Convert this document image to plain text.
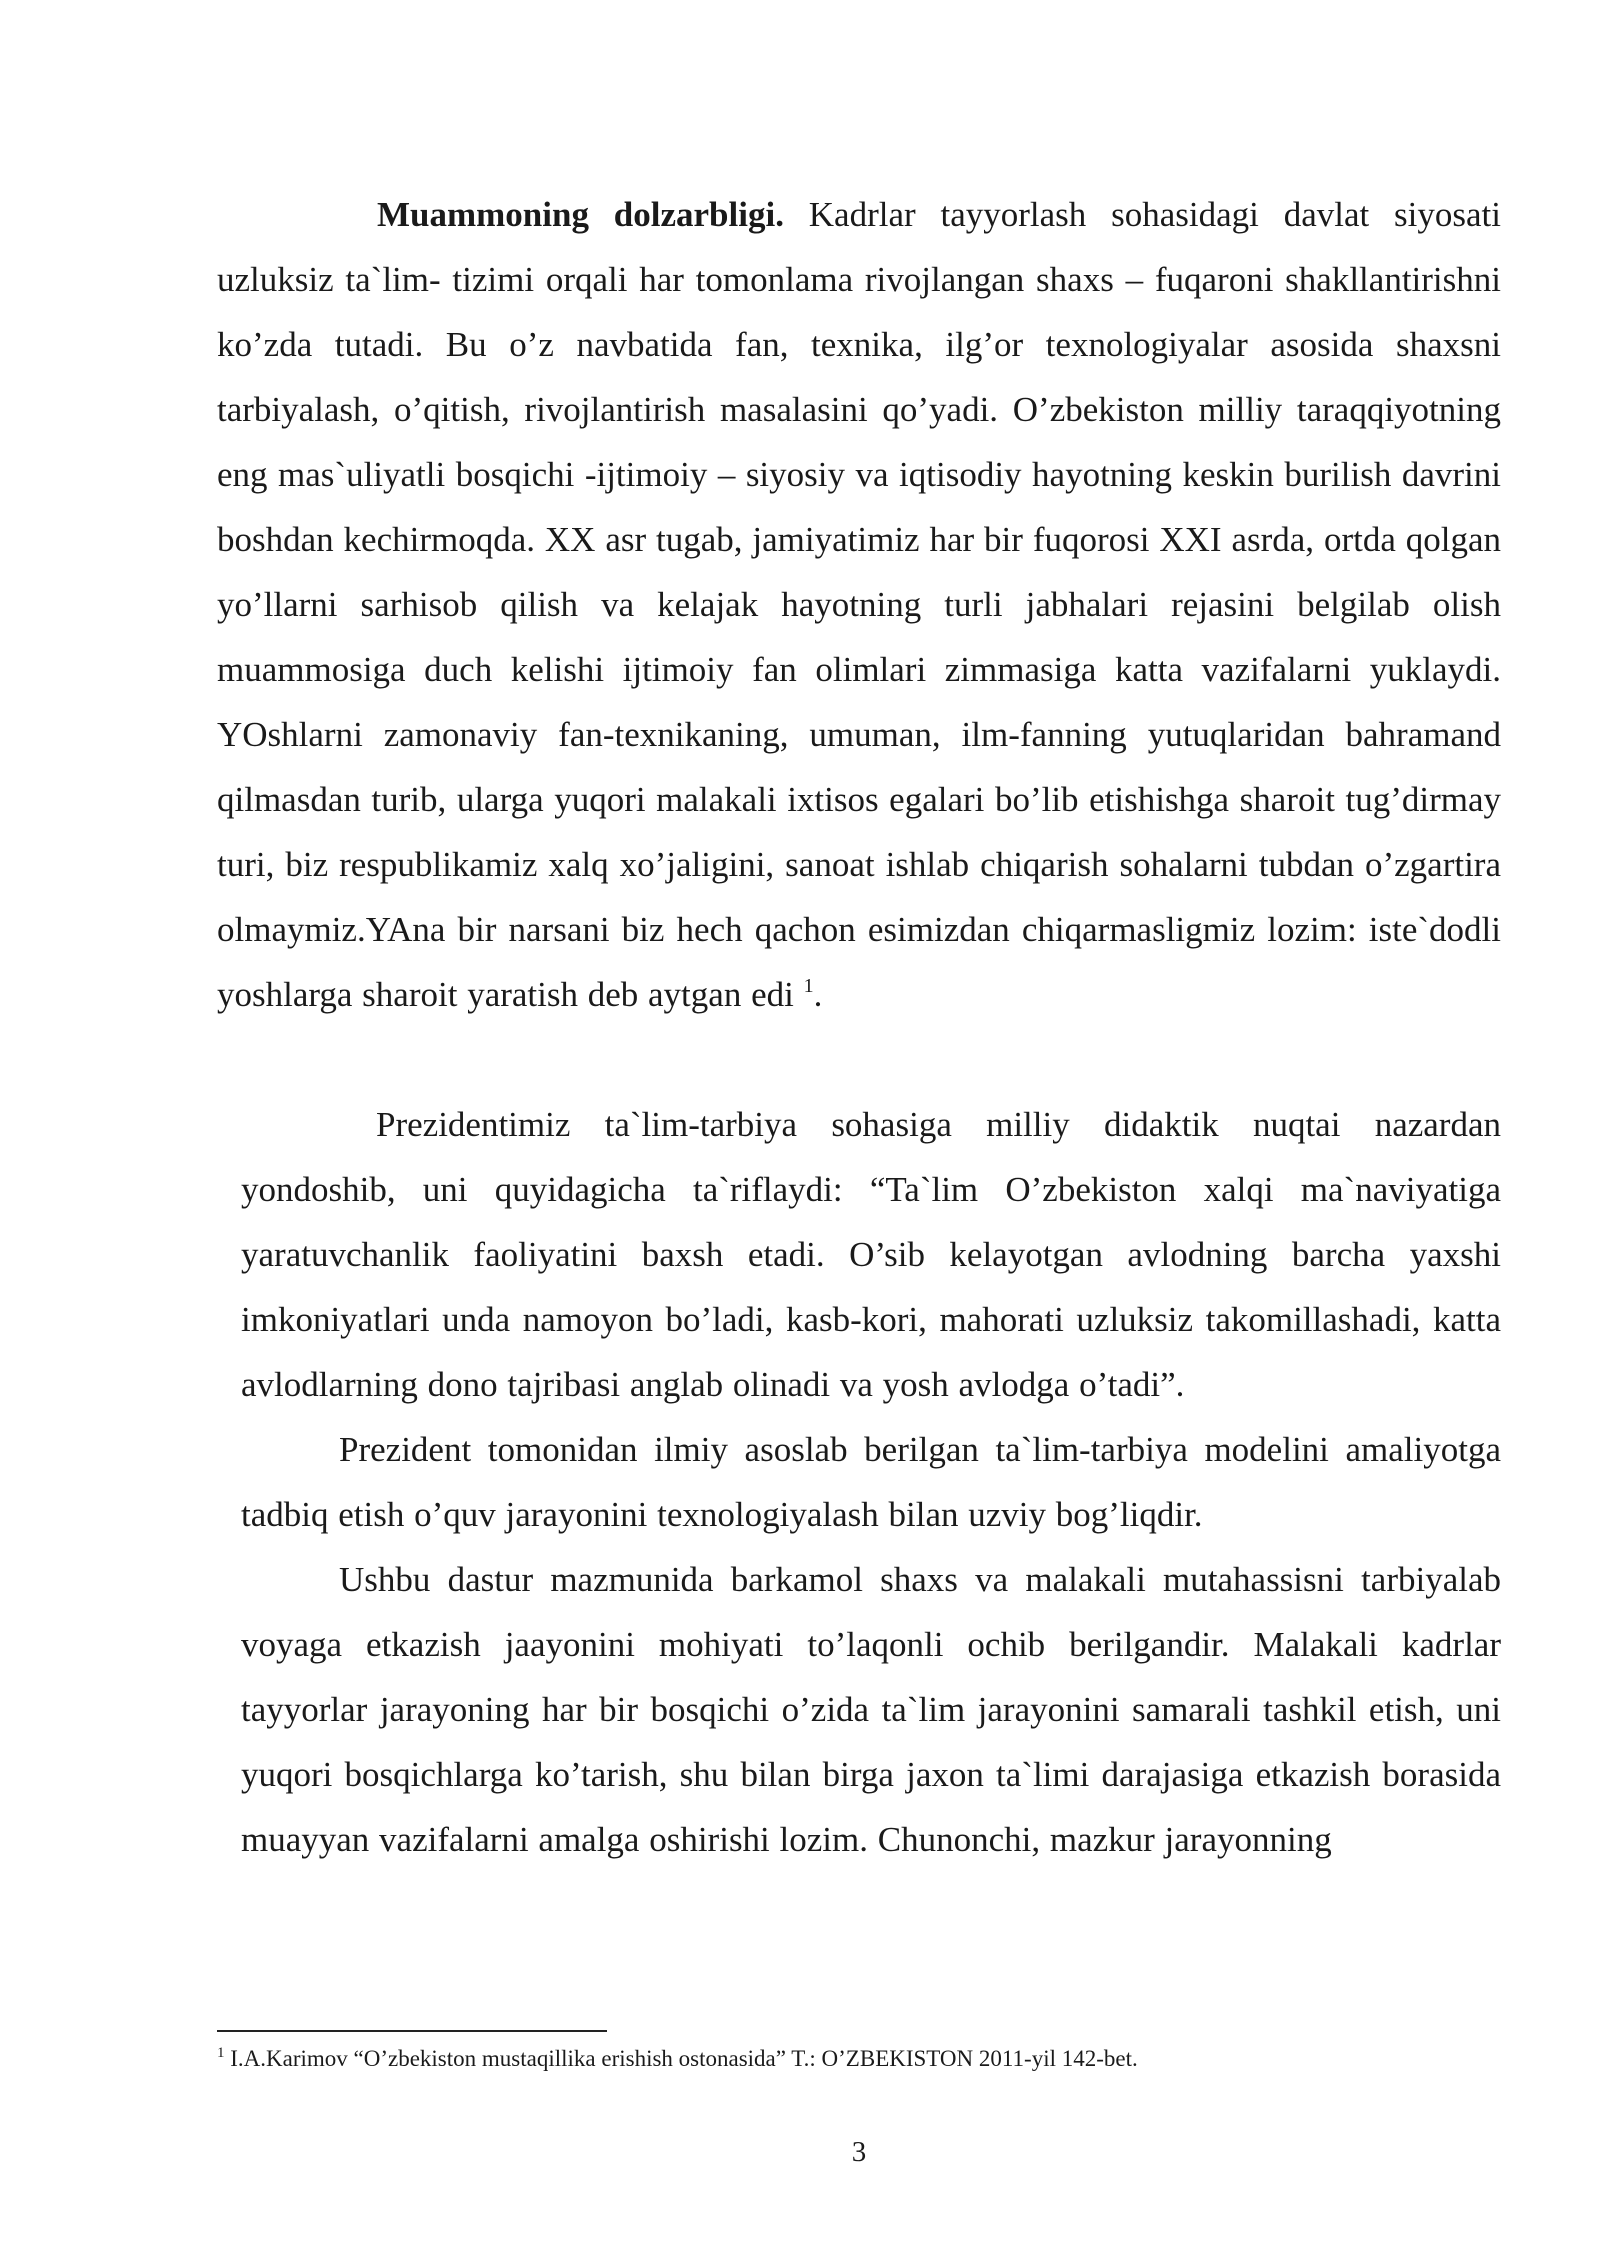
Muammoning dolzarbligi. Kadrlar tayyorlash sohasidagi davlat siyosati uzluksiz ta`lim- tizimi orqali har tomonlama rivojlangan shaxs – fuqaroni shakllantirishni ko’zda tutadi. Bu o’z navbatida fan, texnika, ilg’or texnologiyalar asosida shaxsni tarbiyalash, o’qitish, rivojlantirish masalasini qo’yadi. O’zbekiston milliy taraqqiyotning eng mas`uliyatli bosqichi -ijtimoiy – siyosiy va iqtisodiy hayotning keskin burilish davrini boshdan kechirmoqda. XX asr tugab, jamiyatimiz har bir fuqorosi XXI asrda, ortda qolgan yo’llarni sarhisob qilish va kelajak hayotning turli jabhalari rejasini belgilab olish muammosiga duch kelishi ijtimoiy fan olimlari zimmasiga katta vazifalarni yuklaydi. YOshlarni zamonaviy fan-texnikaning, umuman, ilm-fanning yutuqlaridan bahramand qilmasdan turib, ularga yuqori malakali ixtisos egalari bo’lib etishishga sharoit tug’dirmay turi, biz respublikamiz xalq xo’jaligini, sanoat ishlab chiqarish sohalarni tubdan o’zgartira olmaymiz.YAna bir narsani biz hech qachon esimizdan chiqarmasligmiz lozim: iste`dodli yoshlarga sharoit yaratish deb aytgan edi $^1$.

Prezidentimiz ta`lim-tarbiya sohasiga milliy didaktik nuqtai nazardan yondoshib, uni quyidagicha ta`riflaydi: “Ta`lim O’zbekiston xalqi ma`naviyatiga yaratuvchanlik faoliyatini baxsh etadi. O’sib kelayotgan avlodning barcha yaxshi imkoniyatlari unda namoyon bo’ladi, kasb-kori, mahorati uzluksiz takomillashadi, katta avlodlarning dono tajribasi anglab olinadi va yosh avlodga o’tadi”.

Prezident tomonidan ilmiy asoslab berilgan ta`lim-tarbiya modelini amaliyotga tadbiq etish o’quv jarayonini texnologiyalash bilan uzviy bog’liqdir.

Ushbu dastur mazmunida barkamol shaxs va malakali mutahassisni tarbiyalab voyaga etkazish jaayonini mohiyati to’laqonli ochib berilgandir. Malakali kadrlar tayyorlar jarayoning har bir bosqichi o’zida ta`lim jarayonini samarali tashkil etish, uni yuqori bosqichlarga ko’tarish, shu bilan birga jaxon ta`limi darajasiga etkazish borasida muayyan vazifalarni amalga oshirishi lozim. Chunonchi, mazkur jarayonning

$^1$ I.A.Karimov “O’zbekiston mustaqillika erishish ostonasida” T.: O’ZBEKISTON 2011-yil 142-bet.

3
